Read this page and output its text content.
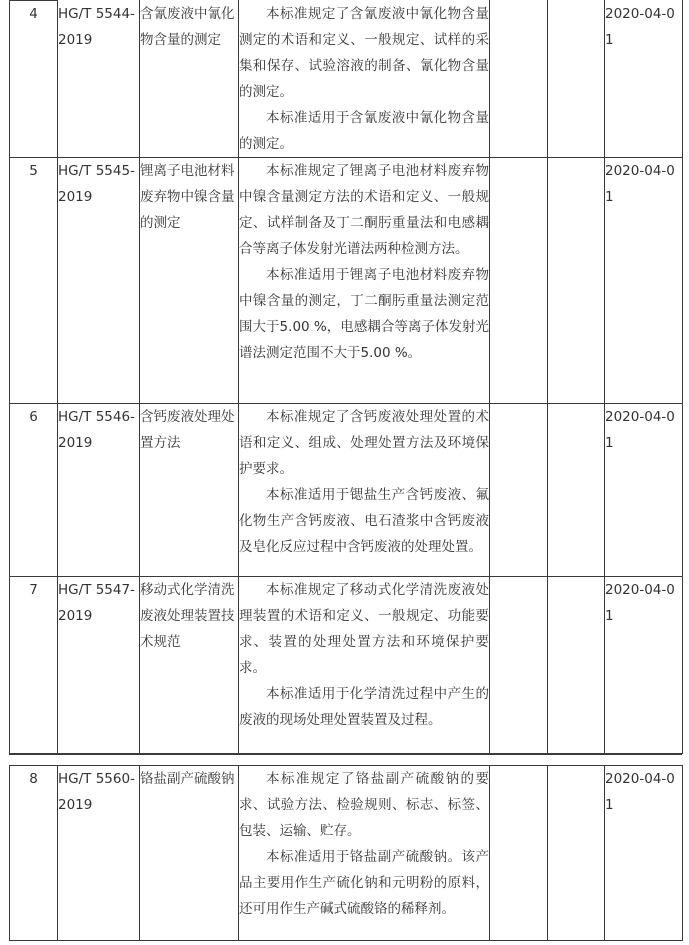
4	HG/T 5544-2019	含氰废液中氰化物含量的测定	本标准规定了含氰废液中氰化物含量测定的术语和定义、一般规定、试样的采集和保存、试验溶液的制备、氰化物含量的测定。

本标准适用于含氰废液中氰化物含量的测定。			2020-04-01
5	HG/T 5545-2019	锂离子电池材料废弃物中镍含量的测定	本标准规定了锂离子电池材料废弃物中镍含量测定方法的术语和定义、一般规定、试样制备及丁二酮肟重量法和电感耦合等离子体发射光谱法两种检测方法。

本标准适用于锂离子电池材料废弃物中镍含量的测定，丁二酮肟重量法测定范围大于5.00 %，电感耦合等离子体发射光谱法测定范围不大于5.00 %。			2020-04-01
6	HG/T 5546-2019	含钙废液处理处置方法	本标准规定了含钙废液处理处置的术语和定义、组成、处理处置方法及环境保护要求。

本标准适用于锶盐生产含钙废液、氟化物生产含钙废液、电石渣浆中含钙废液及皂化反应过程中含钙废液的处理处置。			2020-04-01
7	HG/T 5547-2019	移动式化学清洗废液处理装置技术规范	本标准规定了移动式化学清洗废液处理装置的术语和定义、一般规定、功能要求、装置的处理处置方法和环境保护要求。

本标准适用于化学清洗过程中产生的废液的现场处理处置装置及过程。			2020-04-01
8	HG/T 5560-2019	铬盐副产硫酸钠	本标准规定了铬盐副产硫酸钠的要求、试验方法、检验规则、标志、标签、包装、运输、贮存。

本标准适用于铬盐副产硫酸钠。该产品主要用作生产硫化钠和元明粉的原料，还可用作生产碱式硫酸铬的稀释剂。

			2020-04-01
